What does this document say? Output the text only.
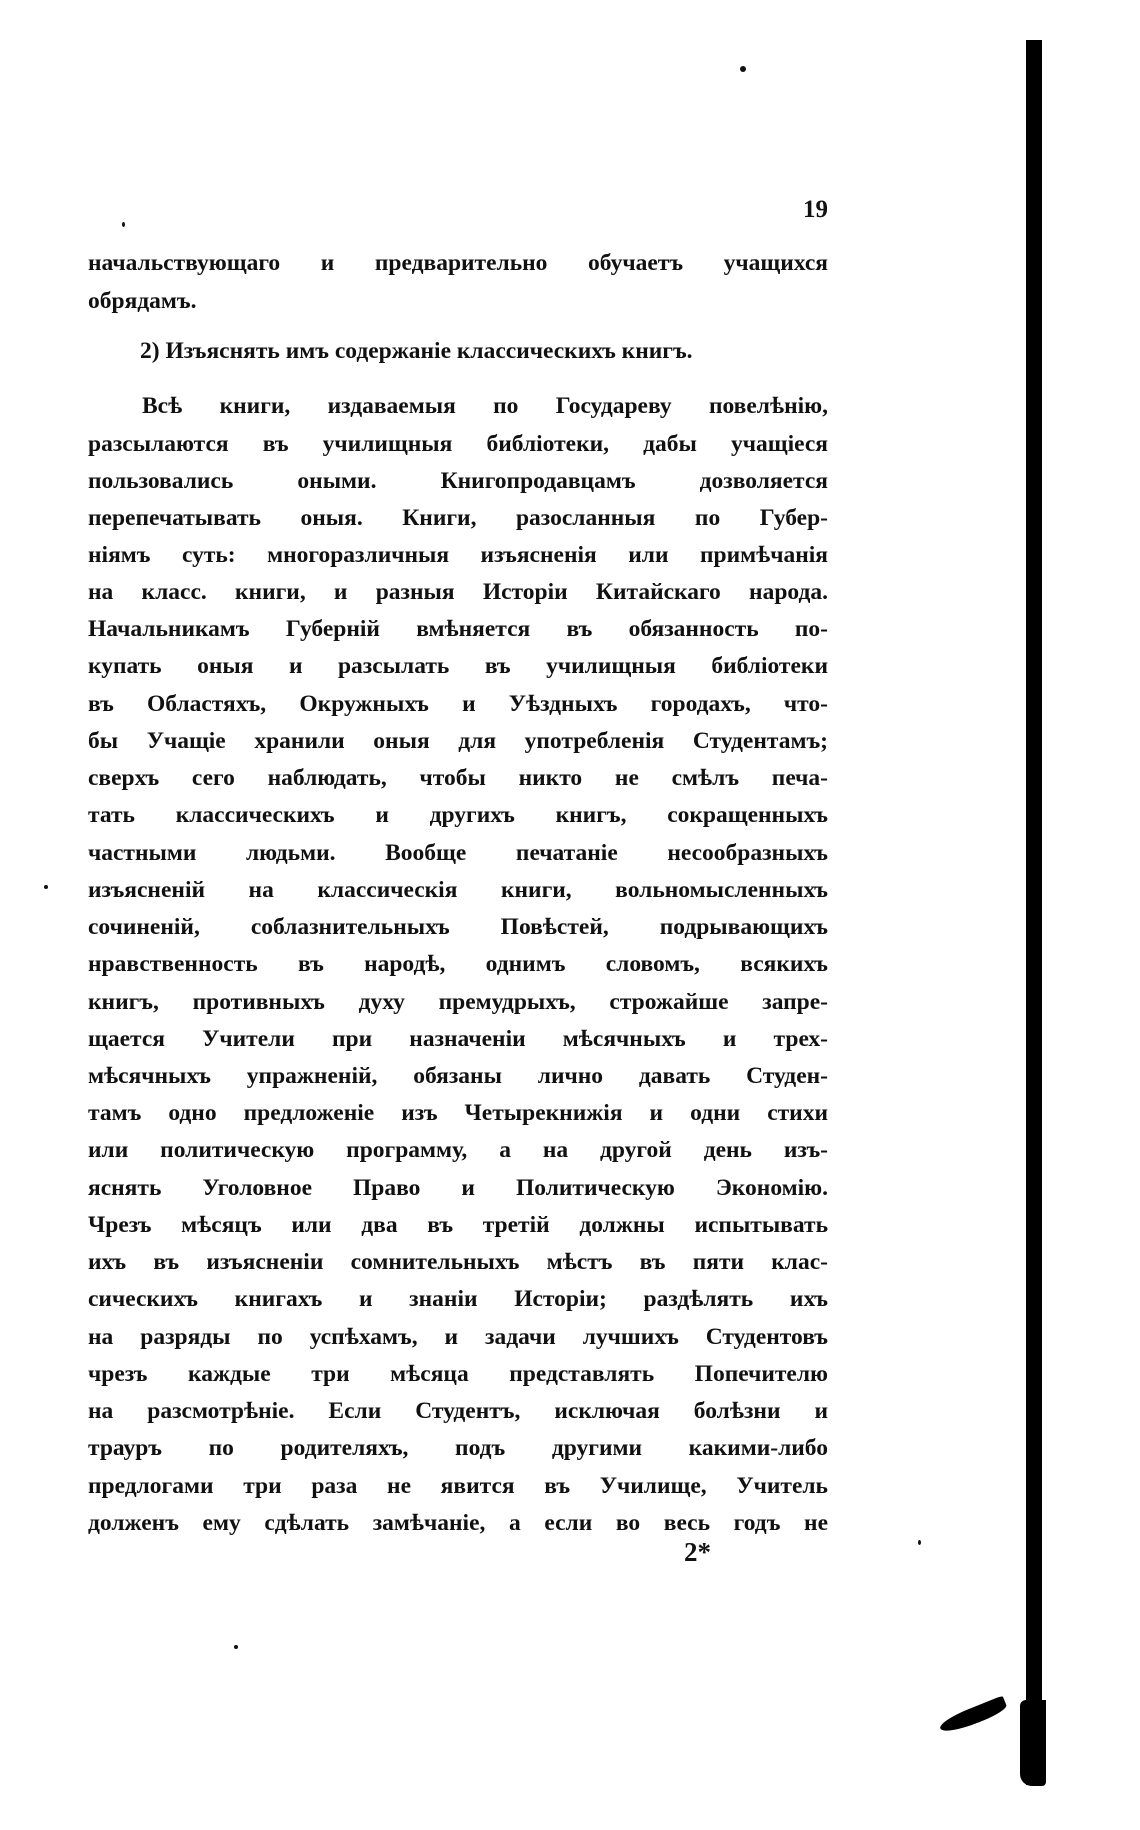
19
начальствующаго и предварительно обучаетъ учащихся
обрядамъ.
2) Изъяснять имъ содержаніе классическихъ книгъ.
Всѣ книги, издаваемыя по Государеву повелѣнію,
разсылаются въ училищныя библіотеки, дабы учащіеся
пользовались оными. Книгопродавцамъ дозволяется
перепечатывать оныя. Книги, разосланныя по Губер-
ніямъ суть: многоразличныя изъясненія или примѣчанія
на класс. книги, и разныя Исторіи Китайскаго народа.
Начальникамъ Губерній вмѣняется въ обязанность по-
купать оныя и разсылать въ училищныя библіотеки
въ Областяхъ, Окружныхъ и Уѣздныхъ городахъ, что-
бы Учащіе хранили оныя для употребленія Студентамъ;
сверхъ сего наблюдать, чтобы никто не смѣлъ печа-
тать классическихъ и другихъ книгъ, сокращенныхъ
частными людьми. Вообще печатаніе несообразныхъ
изъясненій на классическія книги, вольномысленныхъ
сочиненій, соблазнительныхъ Повѣстей, подрывающихъ
нравственность въ народѣ, однимъ словомъ, всякихъ
книгъ, противныхъ духу премудрыхъ, строжайше запре-
щается Учители при назначеніи мѣсячныхъ и трех-
мѣсячныхъ упражненій, обязаны лично давать Студен-
тамъ одно предложеніе изъ Четырекнижія и одни стихи
или политическую программу, а на другой день изъ-
яснять Уголовное Право и Политическую Экономію.
Чрезъ мѣсяцъ или два въ третій должны испытывать
ихъ въ изъясненіи сомнительныхъ мѣстъ въ пяти клас-
сическихъ книгахъ и знаніи Исторіи; раздѣлять ихъ
на разряды по успѣхамъ, и задачи лучшихъ Студентовъ
чрезъ каждые три мѣсяца представлять Попечителю
на разсмотрѣніе. Если Студентъ, исключая болѣзни и
трауръ по родителяхъ, подъ другими какими-либо
предлогами три раза не явится въ Училище, Учитель
долженъ ему сдѣлать замѣчаніе, а если во весь годъ не
2*
